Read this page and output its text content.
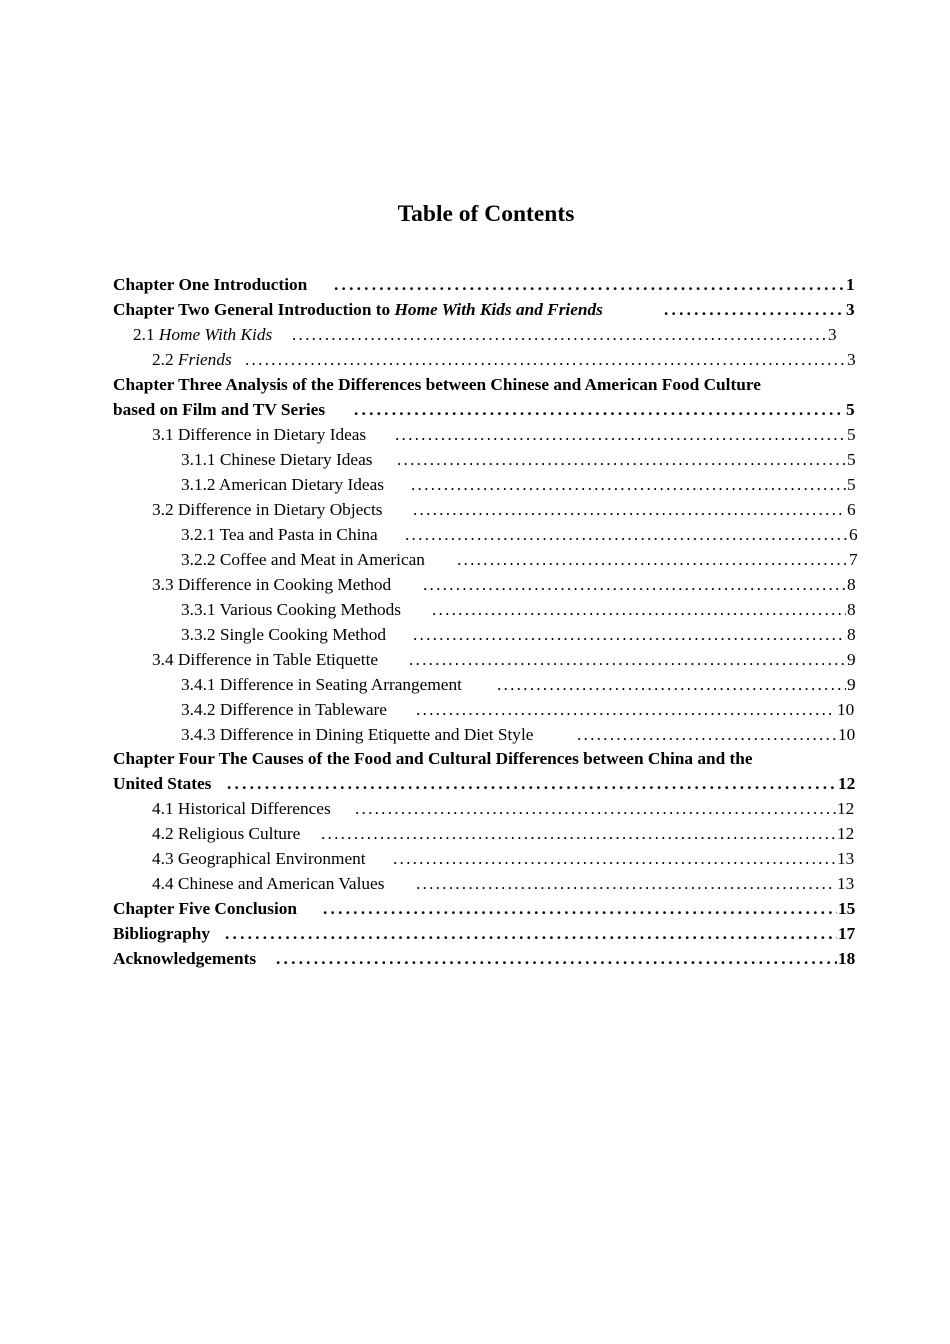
Table of Contents
Chapter One Introduction . . .	1
Chapter Two General Introduction to Home With Kids and Friends . . .	3
2.1 Home With Kids . . .	3
2.2 Friends . . .	3
Chapter Three Analysis of the Differences between Chinese and American Food Culture
based on Film and TV Series . . .	5
3.1 Difference in Dietary Ideas . . .	5
3.1.1 Chinese Dietary Ideas . . .	5
3.1.2 American Dietary Ideas . . .	5
3.2 Difference in Dietary Objects . . .	6
3.2.1 Tea and Pasta in China . . .	6
3.2.2 Coffee and Meat in American . . .	7
3.3 Difference in Cooking Method . . .	8
3.3.1 Various Cooking Methods . . .	8
3.3.2 Single Cooking Method . . .	8
3.4 Difference in Table Etiquette . . .	9
3.4.1 Difference in Seating Arrangement . . .	9
3.4.2 Difference in Tableware . . .	10
3.4.3 Difference in Dining Etiquette and Diet Style . . .	10
Chapter Four The Causes of the Food and Cultural Differences between China and the
United States . . .	12
4.1 Historical Differences . . .	12
4.2 Religious Culture . . .	12
4.3 Geographical Environment . . .	13
4.4 Chinese and American Values . . .	13
Chapter Five Conclusion . . .	15
Bibliography . . .	17
Acknowledgements . . .	18
